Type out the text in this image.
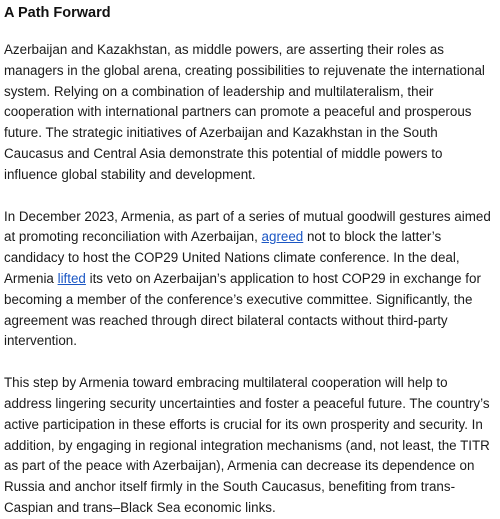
A Path Forward

Azerbaijan and Kazakhstan, as middle powers, are asserting their roles as managers in the global arena, creating possibilities to rejuvenate the international system. Relying on a combination of leadership and multilateralism, their cooperation with international partners can promote a peaceful and prosperous future. The strategic initiatives of Azerbaijan and Kazakhstan in the South Caucasus and Central Asia demonstrate this potential of middle powers to influence global stability and development.

In December 2023, Armenia, as part of a series of mutual goodwill gestures aimed at promoting reconciliation with Azerbaijan, agreed not to block the latter’s candidacy to host the COP29 United Nations climate conference. In the deal, Armenia lifted its veto on Azerbaijan’s application to host COP29 in exchange for becoming a member of the conference’s executive committee. Significantly, the agreement was reached through direct bilateral contacts without third-party intervention.

This step by Armenia toward embracing multilateral cooperation will help to address lingering security uncertainties and foster a peaceful future. The country’s active participation in these efforts is crucial for its own prosperity and security. In addition, by engaging in regional integration mechanisms (and, not least, the TITR as part of the peace with Azerbaijan), Armenia can decrease its dependence on Russia and anchor itself firmly in the South Caucasus, benefiting from trans-Caspian and trans–Black Sea economic links.
